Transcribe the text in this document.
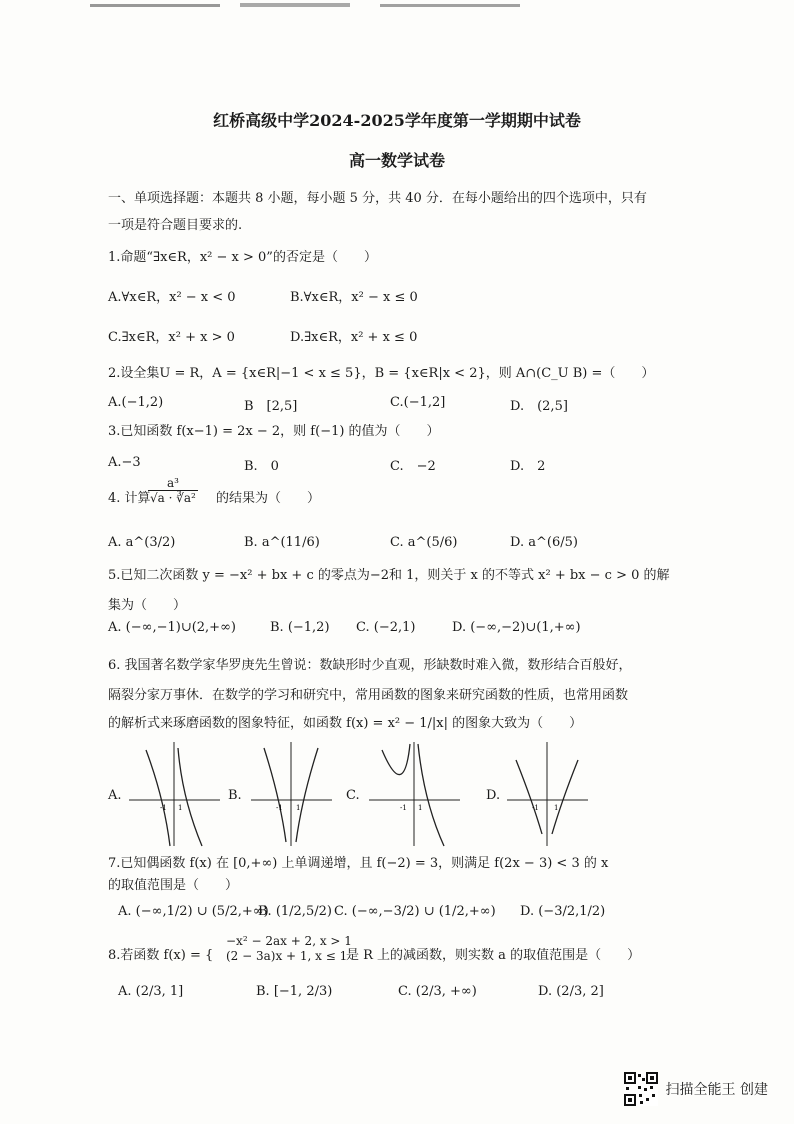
红桥高级中学2024-2025学年度第一学期期中试卷
高一数学试卷
一、单项选择题：本题共 8 小题，每小题 5 分，共 40 分．在每小题给出的四个选项中，只有
一项是符合题目要求的.
1.命题“∃x∈R，x² − x > 0”的否定是（　　）
A.∀x∈R，x² − x < 0	B.∀x∈R，x² − x ≤ 0
C.∃x∈R，x² + x > 0	D.∃x∈R，x² + x ≤ 0
2.设全集U = R，A = {x∈R|−1 < x ≤ 5}，B = {x∈R|x < 2}，则 A∩(C_U B) =（　　）
A.(−1,2)	B　[2,5]	C.(−1,2]	D.　(2,5]
3.已知函数 f(x−1) = 2x − 2，则 f(−1) 的值为（　　）
A.−3	B.　0	C.　−2	D.　2
4. 计算
$\frac{\text{a³}}{\text{√a · ∛a²}}$ 的结果为（　　）
A. a^(3/2)	B. a^(11/6)	C. a^(5/6)	D. a^(6/5)
5.已知二次函数 y = −x² + bx + c 的零点为−2和 1，则关于 x 的不等式 x² + bx − c > 0 的解
集为（　　）
A. (−∞,−1)∪(2,+∞)	B. (−1,2) C. (−2,1)	D. (−∞,−2)∪(1,+∞)
6. 我国著名数学家华罗庚先生曾说：数缺形时少直观，形缺数时难入微，数形结合百般好，
隔裂分家万事休．在数学的学习和研究中，常用函数的图象来研究函数的性质，也常用函数
的解析式来琢磨函数的图象特征，如函数 f(x) = x² − 1/|x| 的图象大致为（　　）
A.
-1 1
B.
-1 1
C.
-1 1
D.
-1 1
7.已知偶函数 f(x) 在 [0,+∞) 上单调递增，且 f(−2) = 3，则满足 f(2x − 3) < 3 的 x
的取值范围是（　　）
A. (−∞,1/2) ∪ (5/2,+∞)
B. (1/2,5/2) C. (−∞,−3/2) ∪ (1/2,+∞) D. (−3/2,1/2)
8.若函数 f(x) = {
−x² − 2ax + 2, x > 1
(2 − 3a)x + 1, x ≤ 1
是 R 上的减函数，则实数 a 的取值范围是（　　）
A. (2/3, 1]	B. [−1, 2/3)	C. (2/3, +∞)	D. (2/3, 2]
扫描全能王 创建
